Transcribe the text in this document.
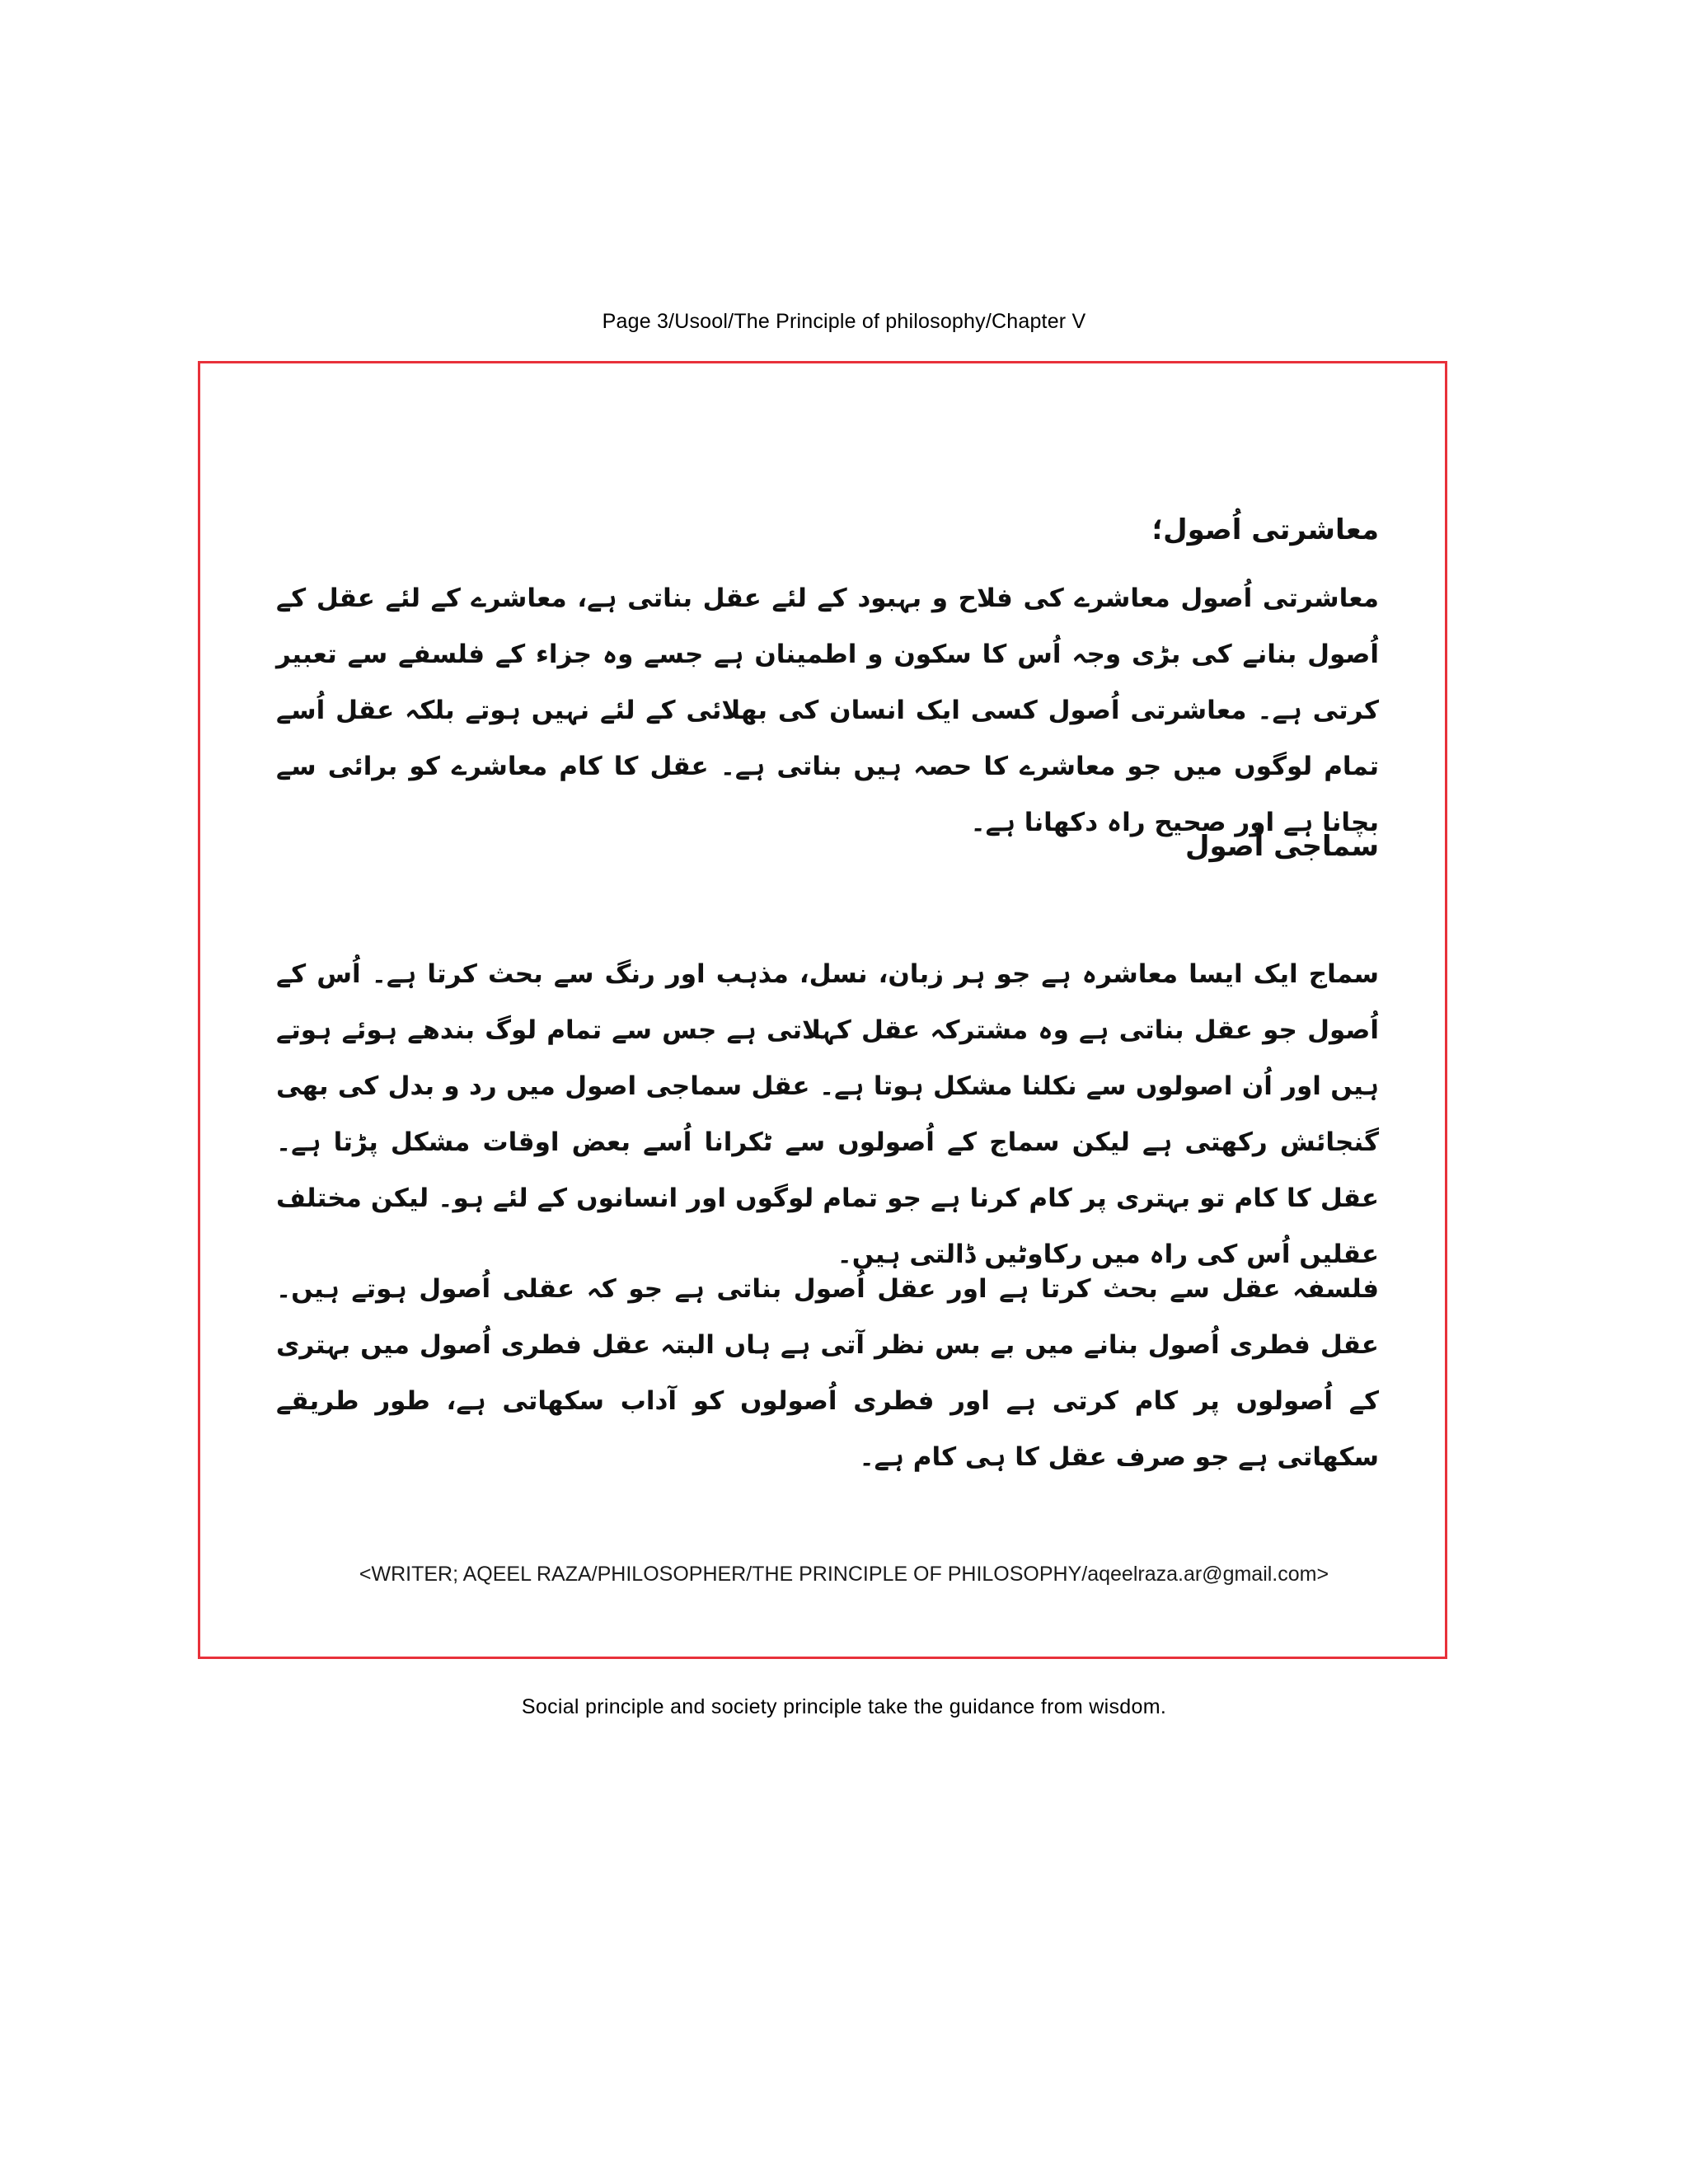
Page 3/Usool/The Principle of philosophy/Chapter V
معاشرتی اُصول؛
معاشرتی اُصول معاشرے کی فلاح و بہبود کے لئے عقل بناتی ہے، معاشرے کے لئے عقل کے اُصول بنانے کی بڑی وجہ اُس کا سکون و اطمینان ہے جسے وہ جزاء کے فلسفے سے تعبیر کرتی ہے۔ معاشرتی اُصول کسی ایک انسان کی بھلائی کے لئے نہیں ہوتے بلکہ عقل اُسے تمام لوگوں میں جو معاشرے کا حصہ ہیں بناتی ہے۔ عقل کا کام معاشرے کو برائی سے بچانا ہے اور صحیح راہ دکھانا ہے۔
سماجی اُصول
سماج ایک ایسا معاشرہ ہے جو ہر زبان، نسل، مذہب اور رنگ سے بحث کرتا ہے۔ اُس کے اُصول جو عقل بناتی ہے وہ مشترکہ عقل کہلاتی ہے جس سے تمام لوگ بندھے ہوئے ہوتے ہیں اور اُن اصولوں سے نکلنا مشکل ہوتا ہے۔ عقل سماجی اصول میں رد و بدل کی بھی گنجائش رکھتی ہے لیکن سماج کے اُصولوں سے ٹکرانا اُسے بعض اوقات مشکل پڑتا ہے۔ عقل کا کام تو بہتری پر کام کرنا ہے جو تمام لوگوں اور انسانوں کے لئے ہو۔ لیکن مختلف عقلیں اُس کی راہ میں رکاوٹیں ڈالتی ہیں۔
فلسفہ عقل سے بحث کرتا ہے اور عقل اُصول بناتی ہے جو کہ عقلی اُصول ہوتے ہیں۔ عقل فطری اُصول بنانے میں بے بس نظر آتی ہے ہاں البتہ عقل فطری اُصول میں بہتری کے اُصولوں پر کام کرتی ہے اور فطری اُصولوں کو آداب سکھاتی ہے، طور طریقے سکھاتی ہے جو صرف عقل کا ہی کام ہے۔
<WRITER; AQEEL RAZA/PHILOSOPHER/THE PRINCIPLE OF PHILOSOPHY/aqeelraza.ar@gmail.com>
Social principle and society principle take the guidance from wisdom.
